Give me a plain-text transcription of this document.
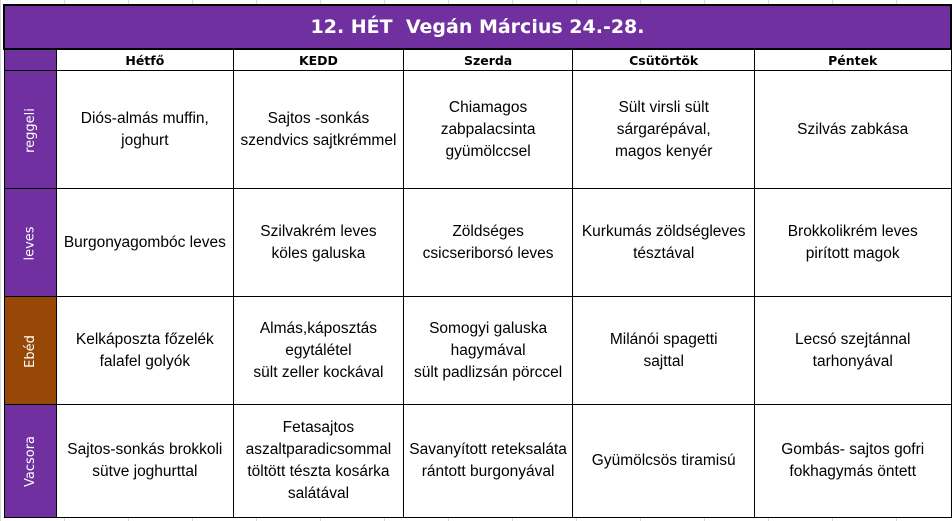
12. HÉT  Vegán Március 24.-28.					
	Hétfő	KEDD	Szerda	Csütörtök	Péntek
reggeli	Diós-almás muffin,
joghurt	Sajtos -sonkás
szendvics sajtkrémmel	Chiamagos
zabpalacsinta
gyümölccsel	Sült virsli sült
sárgarépával,
magos kenyér	Szilvás zabkása

leves	Burgonyagombóc leves	Szilvakrém leves
köles galuska	Zöldséges
csicseriborsó leves	Kurkumás zöldségleves
tésztával	Brokkolikrém leves
pirított magok

Ebéd	Kelkáposzta főzelék
falafel golyók	Almás,káposztás
egytálétel
sült zeller kockával	Somogyi galuska
hagymával
sült padlizsán pörccel	Milánói spagetti
sajttal	Lecsó szejtánnal
tarhonyával

Vacsora	Sajtos-sonkás brokkoli
sütve joghurttal	Fetasajtos
aszaltparadicsommal
töltött tészta kosárka
salátával	Savanyított reteksaláta
rántott burgonyával	Gyümölcsös tiramisú	Gombás- sajtos gofri
fokhagymás öntett
